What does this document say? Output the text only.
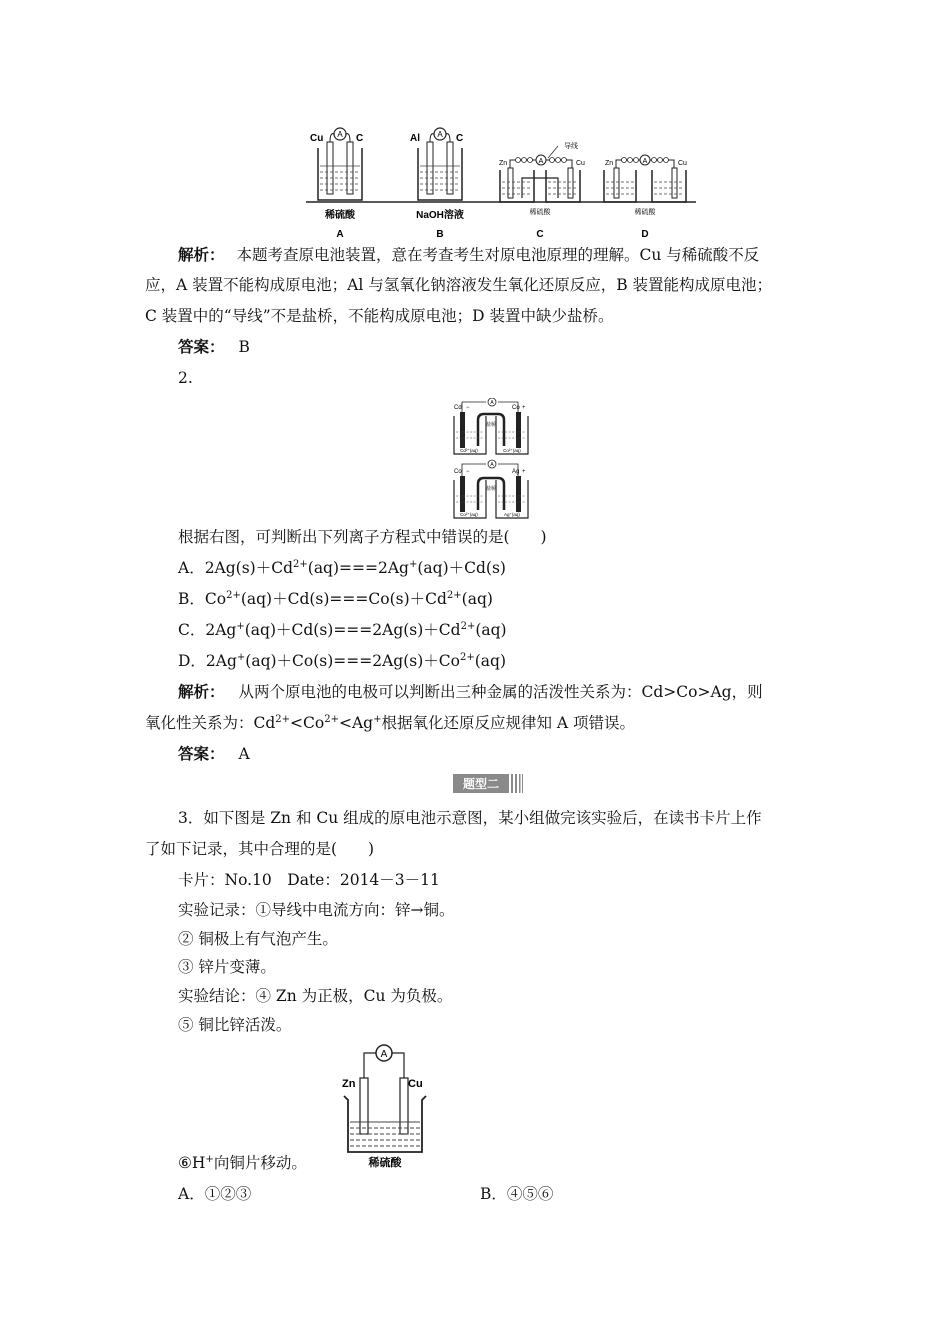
A
Cu	C
稀硫酸
A
A
Al	C
NaOH溶液
B
导线
A
Zn	Cu
稀硫酸
C
A
Zn	Cu
稀硫酸
D
解析： 本题考查原电池装置，意在考查考生对原电池原理的理解。Cu 与稀硫酸不反
应，A 装置不能构成原电池；Al 与氢氧化钠溶液发生氧化还原反应，B 装置能构成原电池；
C 装置中的“导线”不是盐桥，不能构成原电池；D 装置中缺少盐桥。
答案： B
2.
Cd	Co
−	+
A
盐桥
Cd²⁺(aq)	Co²⁺(aq)
Co	Ag
−	+
A
盐桥
Co²⁺(aq)	Ag⁺(aq)
根据右图，可判断出下列离子方程式中错误的是(　　)
A．$2Ag(s)+Cd^{2+}(aq)===2Ag^+(aq)+Cd(s)$
B．$Co^{2+}(aq)+Cd(s)===Co(s)+Cd^{2+}(aq)$
C．$2Ag^+(aq)+Cd(s)===2Ag(s)+Cd^{2+}(aq)$
D．$2Ag^+(aq)+Co(s)===2Ag(s)+Co^{2+}(aq)$
解析： 从两个原电池的电极可以判断出三种金属的活泼性关系为：Cd>Co>Ag，则
氧化性关系为：$Cd^{2+}<Co^{2+}<Ag^+$根据氧化还原反应规律知 A 项错误。
答案： A
题型二
3．如下图是 Zn 和 Cu 组成的原电池示意图，某小组做完该实验后，在读书卡片上作
了如下记录，其中合理的是(　　)
卡片：No.10　Date：2014－3－11
实验记录：①导线中电流方向：锌→铜。
② 铜极上有气泡产生。
③ 锌片变薄。
实验结论：④ Zn 为正极，Cu 为负极。
⑤ 铜比锌活泼。
A
Zn	Cu
稀硫酸
⑥H+向铜片移动。
A．①②③	B．④⑤⑥
